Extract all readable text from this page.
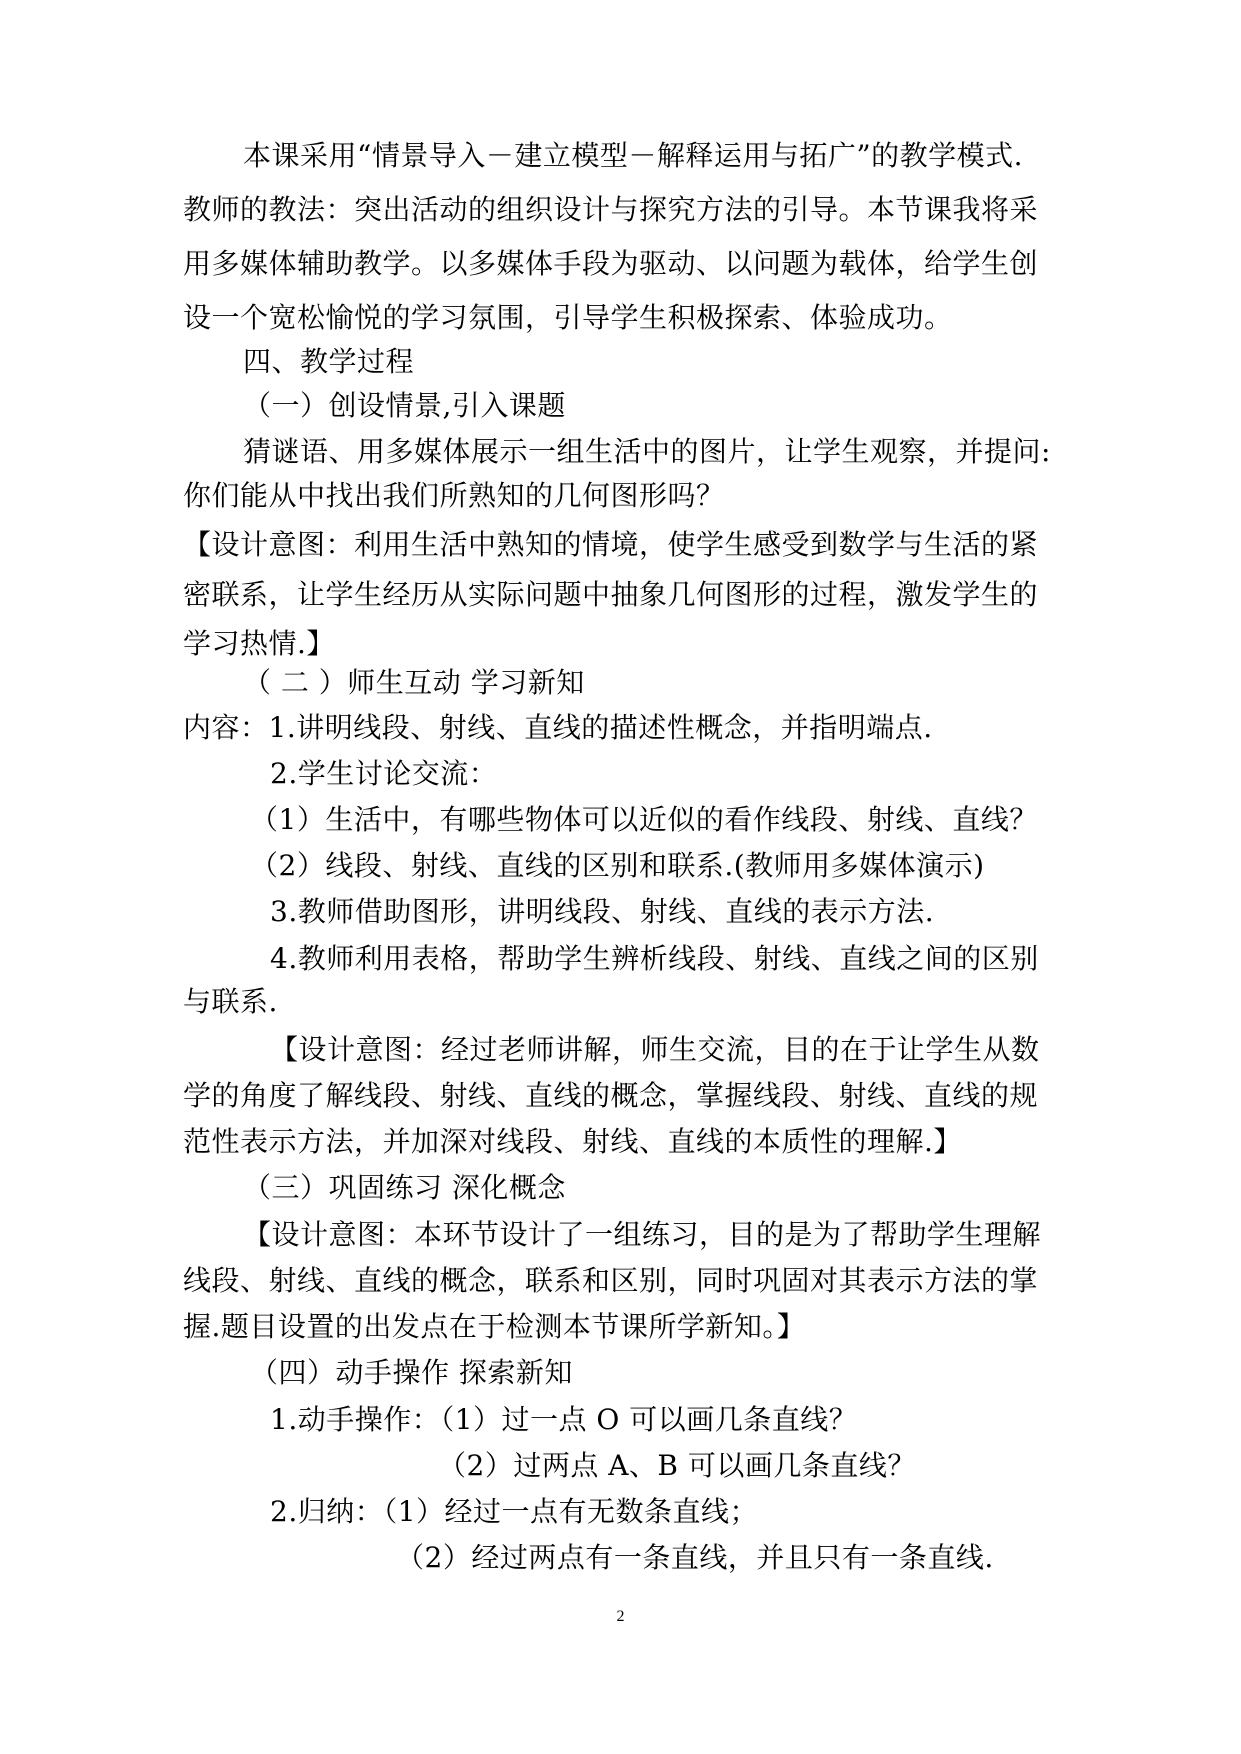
本课采用“情景导入－建立模型－解释运用与拓广”的教学模式.
教师的教法：突出活动的组织设计与探究方法的引导。本节课我将采
用多媒体辅助教学。以多媒体手段为驱动、以问题为载体，给学生创
设一个宽松愉悦的学习氛围，引导学生积极探索、体验成功。
四、教学过程
（一）创设情景,引入课题
猜谜语、用多媒体展示一组生活中的图片，让学生观察，并提问:
你们能从中找出我们所熟知的几何图形吗？
【设计意图：利用生活中熟知的情境，使学生感受到数学与生活的紧
密联系，让学生经历从实际问题中抽象几何图形的过程，激发学生的
学习热情.】
（ 二 ）师生互动 学习新知
内容：1.讲明线段、射线、直线的描述性概念，并指明端点.
2.学生讨论交流：
（1）生活中，有哪些物体可以近似的看作线段、射线、直线？
（2）线段、射线、直线的区别和联系.(教师用多媒体演示)
3.教师借助图形，讲明线段、射线、直线的表示方法.
4.教师利用表格，帮助学生辨析线段、射线、直线之间的区别
与联系.
【设计意图：经过老师讲解，师生交流，目的在于让学生从数
学的角度了解线段、射线、直线的概念，掌握线段、射线、直线的规
范性表示方法，并加深对线段、射线、直线的本质性的理解.】
（三）巩固练习 深化概念
【设计意图：本环节设计了一组练习，目的是为了帮助学生理解
线段、射线、直线的概念，联系和区别，同时巩固对其表示方法的掌
握.题目设置的出发点在于检测本节课所学新知。】
（四）动手操作 探索新知
1.动手操作：（1）过一点 O 可以画几条直线？
（2）过两点 A、B 可以画几条直线？
2.归纳：（1）经过一点有无数条直线；
（2）经过两点有一条直线，并且只有一条直线.
2
